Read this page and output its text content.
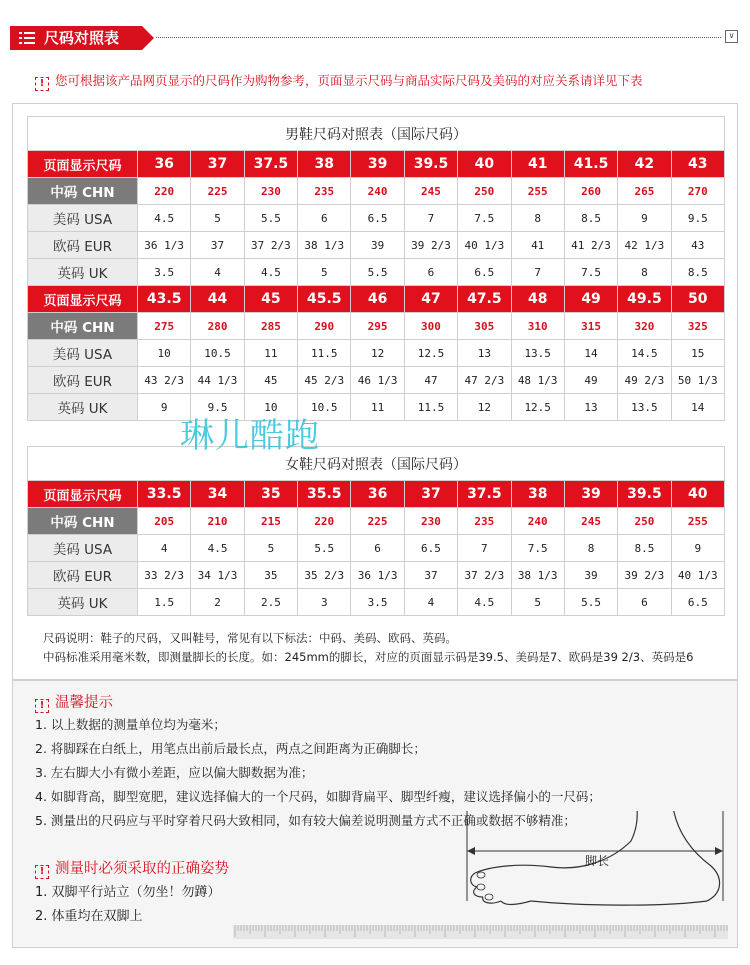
尺码对照表	∨
! 您可根据该产品网页显示的尺码作为购物参考，页面显示尺码与商品实际尺码及美码的对应关系请详见下表
男鞋尺码对照表（国际尺码）											
页面显示尺码	36	37	37.5	38	39	39.5	40	41	41.5	42	43
中码 CHN	220	225	230	235	240	245	250	255	260	265	270
美码 USA	4.5	5	5.5	6	6.5	7	7.5	8	8.5	9	9.5
欧码 EUR	36 1/3	37	37 2/3	38 1/3	39	39 2/3	40 1/3	41	41 2/3	42 1/3	43
英码 UK	3.5	4	4.5	5	5.5	6	6.5	7	7.5	8	8.5
页面显示尺码	43.5	44	45	45.5	46	47	47.5	48	49	49.5	50
中码 CHN	275	280	285	290	295	300	305	310	315	320	325
美码 USA	10	10.5	11	11.5	12	12.5	13	13.5	14	14.5	15
欧码 EUR	43 2/3	44 1/3	45	45 2/3	46 1/3	47	47 2/3	48 1/3	49	49 2/3	50 1/3
英码 UK	9	9.5	10	10.5	11	11.5	12	12.5	13	13.5	14
女鞋尺码对照表（国际尺码）											
页面显示尺码	33.5	34	35	35.5	36	37	37.5	38	39	39.5	40
中码 CHN	205	210	215	220	225	230	235	240	245	250	255
美码 USA	4	4.5	5	5.5	6	6.5	7	7.5	8	8.5	9
欧码 EUR	33 2/3	34 1/3	35	35 2/3	36 1/3	37	37 2/3	38 1/3	39	39 2/3	40 1/3
英码 UK	1.5	2	2.5	3	3.5	4	4.5	5	5.5	6	6.5
尺码说明：鞋子的尺码，又叫鞋号，常见有以下标法：中码、美码、欧码、英码。
中码标准采用毫米数，即测量脚长的长度。如：245mm的脚长，对应的页面显示码是39.5、美码是7、欧码是39 2/3、英码是6
琳儿酷跑
! 温馨提示
1. 以上数据的测量单位均为毫米；
2. 将脚踩在白纸上，用笔点出前后最长点，两点之间距离为正确脚长；
3. 左右脚大小有微小差距，应以偏大脚数据为准；
4. 如脚背高，脚型宽肥，建议选择偏大的一个尺码，如脚背扁平、脚型纤瘦，建议选择偏小的一尺码；
5. 测量出的尺码应与平时穿着尺码大致相同，如有较大偏差说明测量方式不正确或数据不够精准；
! 测量时必须采取的正确姿势
1. 双脚平行站立（勿坐！勿蹲）
2. 体重均在双脚上
脚长
